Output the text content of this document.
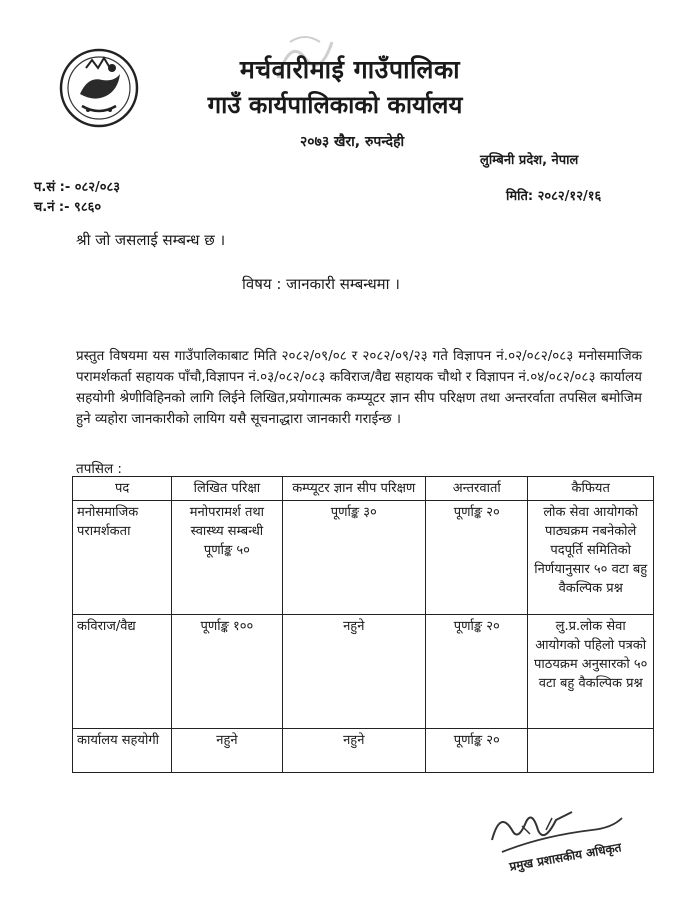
मर्चवारीमाई गाउँपालिका
गाउँ कार्यपालिकाको कार्यालय
२०७३ खैरा, रुपन्देही
लुम्बिनी प्रदेश, नेपाल
प.सं :- ०८२/०८३
च.नं :- ९८६०
मिति: २०८२/१२/१६
श्री जो जसलाई सम्बन्ध छ ।
विषय : जानकारी सम्बन्धमा ।
प्रस्तुत विषयमा यस गाउँपालिकाबाट मिति २०८२/०९/०८ र २०८२/०९/२३ गते विज्ञापन नं.०२/०८२/०८३ मनोसमाजिक परामर्शकर्ता सहायक पाँचौ,विज्ञापन नं.०३/०८२/०८३ कविराज/वैद्य सहायक चौथो र विज्ञापन नं.०४/०८२/०८३ कार्यालय सहयोगी श्रेणीविहिनको लागि लिईने लिखित,प्रयोगात्मक कम्प्यूटर ज्ञान सीप परिक्षण तथा अन्तरर्वाता तपसिल बमोजिम हुने व्यहोरा जानकारीको लायिग यसै सूचनाद्धारा जानकारी गराईन्छ ।
तपसिल :
पद	लिखित परिक्षा	कम्प्यूटर ज्ञान सीप परिक्षण	अन्तरवार्ता	कैफियत
मनोसमाजिक परामर्शकता	मनोपरामर्श तथा स्वास्थ्य सम्बन्धी पूर्णाङ्क ५०	पूर्णाङ्क ३०	पूर्णाङ्क २०	लोक सेवा आयोगको पाठ्यक्रम नबनेकोले पदपूर्ति समितिको निर्णयानुसार ५० वटा बहु वैकल्पिक प्रश्न
कविराज/वैद्य	पूर्णाङ्क १००	नहुने	पूर्णाङ्क २०	लु.प्र.लोक सेवा आयोगको पहिलो पत्रको पाठयक्रम अनुसारको ५० वटा बहु वैकल्पिक प्रश्न
कार्यालय सहयोगी	नहुने	नहुने	पूर्णाङ्क २०	
प्रमुख प्रशासकीय अधिकृत
